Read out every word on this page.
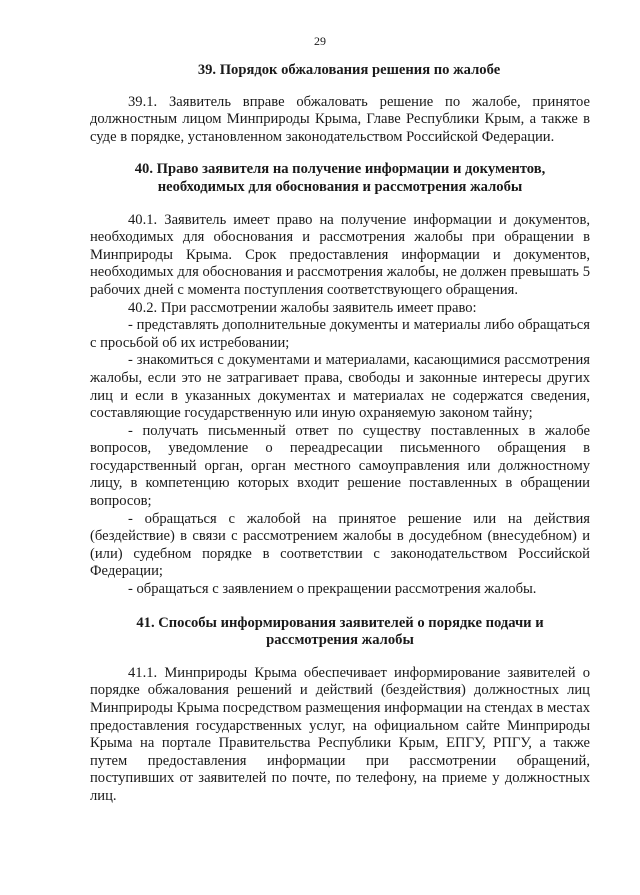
29
39. Порядок обжалования решения по жалобе

39.1. Заявитель вправе обжаловать решение по жалобе, принятое должностным лицом Минприроды Крыма, Главе Республики Крым, а также в суде в порядке, установленном законодательством Российской Федерации.

40. Право заявителя на получение информации и документов, необходимых для обоснования и рассмотрения жалобы

40.1. Заявитель имеет право на получение информации и документов, необходимых для обоснования и рассмотрения жалобы при обращении в Минприроды Крыма. Срок предоставления информации и документов, необходимых для обоснования и рассмотрения жалобы, не должен превышать 5 рабочих дней с момента поступления соответствующего обращения.

40.2. При рассмотрении жалобы заявитель имеет право:

- представлять дополнительные документы и материалы либо обращаться с просьбой об их истребовании;

- знакомиться с документами и материалами, касающимися рассмотрения жалобы, если это не затрагивает права, свободы и законные интересы других лиц и если в указанных документах и материалах не содержатся сведения, составляющие государственную или иную охраняемую законом тайну;

- получать письменный ответ по существу поставленных в жалобе вопросов, уведомление о переадресации письменного обращения в государственный орган, орган местного самоуправления или должностному лицу, в компетенцию которых входит решение поставленных в обращении вопросов;

- обращаться с жалобой на принятое решение или на действия (бездействие) в связи с рассмотрением жалобы в досудебном (внесудебном) и (или) судебном порядке в соответствии с законодательством Российской Федерации;

- обращаться с заявлением о прекращении рассмотрения жалобы.

41. Способы информирования заявителей о порядке подачи и рассмотрения жалобы

41.1. Минприроды Крыма обеспечивает информирование заявителей о порядке обжалования решений и действий (бездействия) должностных лиц Минприроды Крыма посредством размещения информации на стендах в местах предоставления государственных услуг, на официальном сайте Минприроды Крыма на портале Правительства Республики Крым, ЕПГУ, РПГУ, а также путем предоставления информации при рассмотрении обращений, поступивших от заявителей по почте, по телефону, на приеме у должностных лиц.
